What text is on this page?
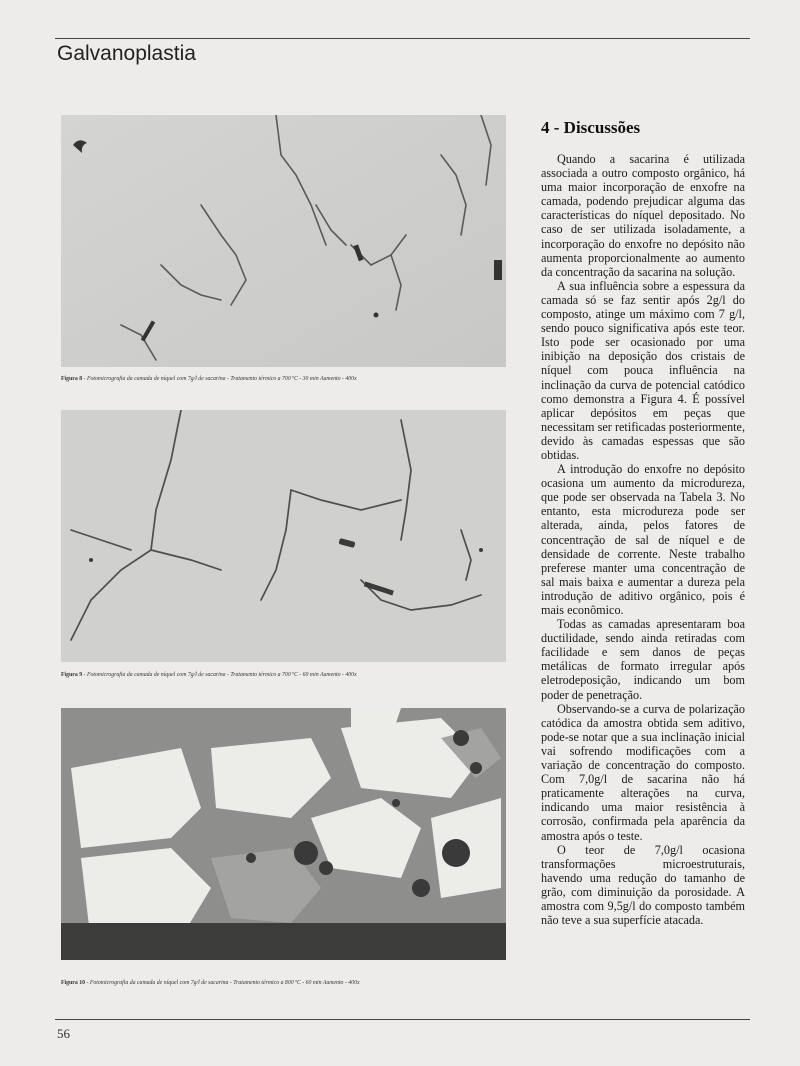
Galvanoplastia
Figura 8 - Fotomicrografia da camada de níquel com 7g/l de sacarina - Tratamento térmico a 700 ºC - 30 min Aumento - 400x
Figura 9 - Fotomicrografia da camada de níquel com 7g/l de sacarina - Tratamento térmico a 700 ºC - 60 min Aumento - 400x
Figura 10 - Fotomicrografia da camada de níquel com 7g/l de sacarina - Tratamento térmico a 800 ºC - 60 min Aumento - 400x
4 - Discussões

Quando a sacarina é utilizada associada a outro composto orgânico, há uma maior incorporação de enxofre na camada, podendo prejudicar alguma das características do níquel depositado. No caso de ser utilizada isoladamente, a incorporação do enxofre no depósito não aumenta proporcionalmente ao aumento da concentração da sacarina na solução.

A sua influência sobre a espessura da camada só se faz sentir após 2g/l do composto, atinge um máximo com 7 g/l, sendo pouco significativa após este teor. Isto pode ser ocasionado por uma inibição na deposição dos cristais de níquel com pouca influência na inclinação da curva de potencial catódico como demonstra a Figura 4. É possível aplicar depósitos em peças que necessitam ser retificadas posteriormente, devido às camadas espessas que são obtidas.

A introdução do enxofre no depósito ocasiona um aumento da microdureza, que pode ser observada na Tabela 3. No entanto, esta microdureza pode ser alterada, ainda, pelos fatores de concentração de sal de níquel e de densidade de corrente. Neste trabalho preferese manter uma concentração de sal mais baixa e aumentar a dureza pela introdução de aditivo orgânico, pois é mais econômico.

Todas as camadas apresentaram boa ductilidade, sendo ainda retiradas com facilidade e sem danos de peças metálicas de formato irregular após eletrodeposição, indicando um bom poder de penetração.

Observando-se a curva de polarização catódica da amostra obtida sem aditivo, pode-se notar que a sua inclinação inicial vai sofrendo modificações com a variação de concentração do composto. Com 7,0g/l de sacarina não há praticamente alterações na curva, indicando uma maior resistência à corrosão, confirmada pela aparência da amostra após o teste.

O teor de 7,0g/l ocasiona transformações microestruturais, havendo uma redução do tamanho de grão, com diminuição da porosidade. A amostra com 9,5g/l do composto também não teve a sua superfície atacada.

56
